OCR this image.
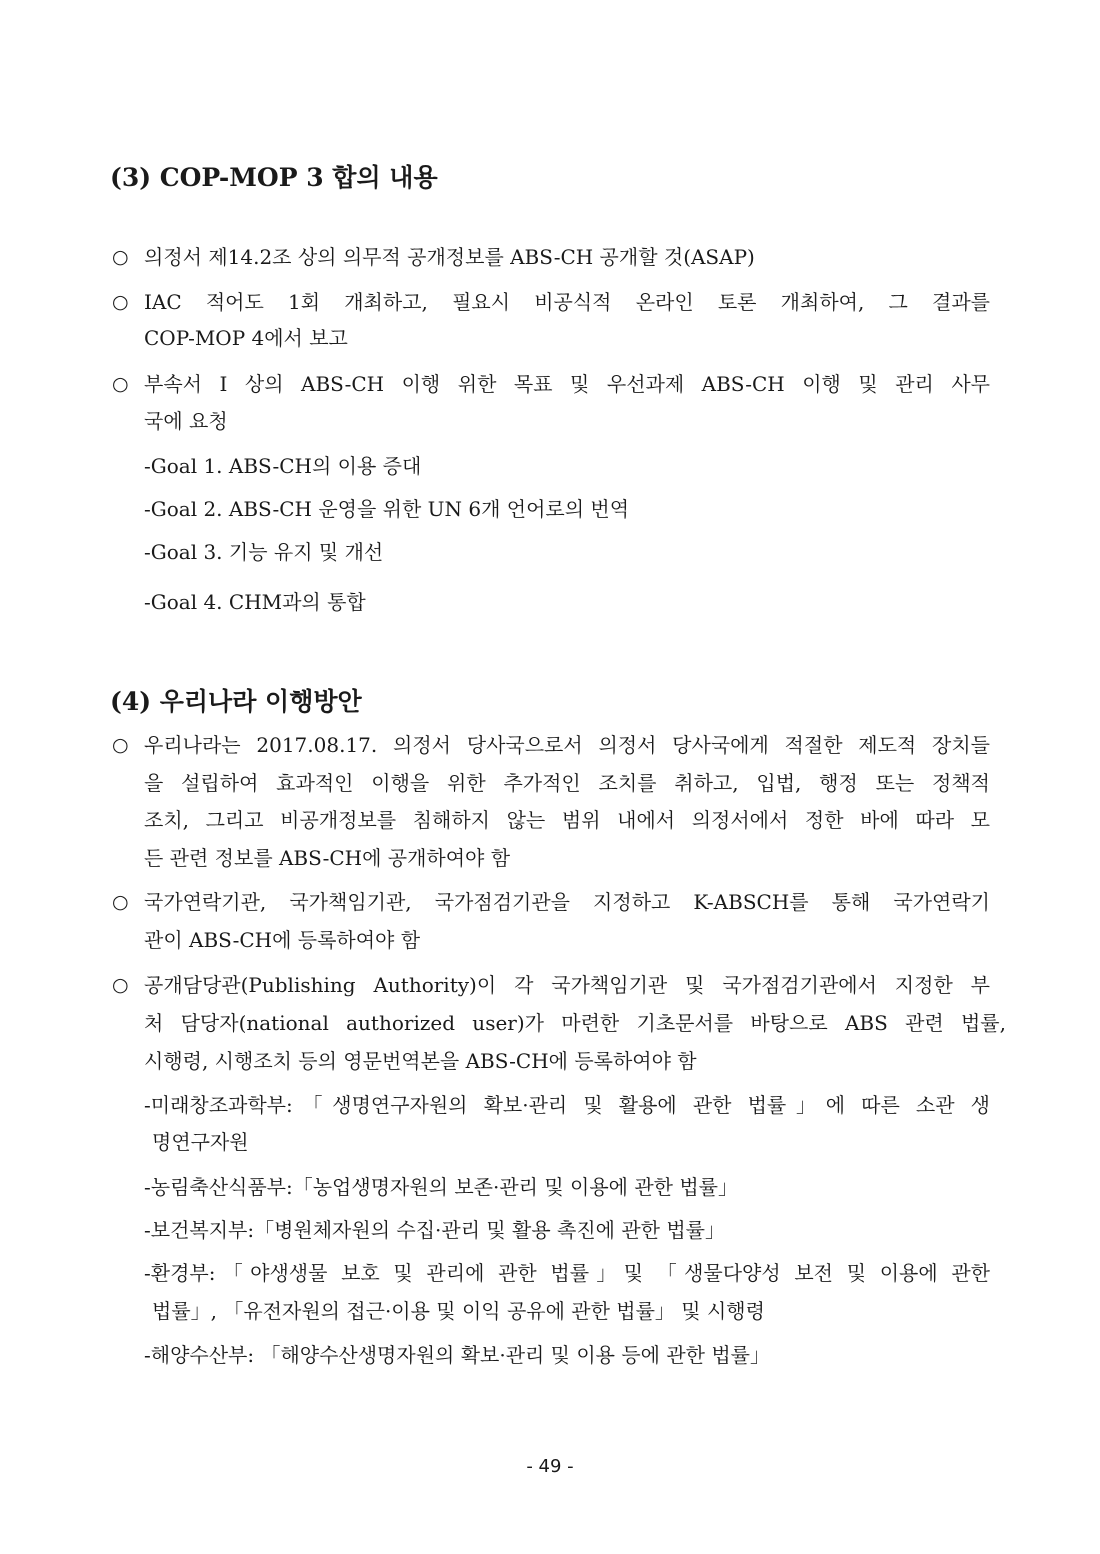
(3) COP-MOP 3 합의 내용
○ 의정서 제14.2조 상의 의무적 공개정보를 ABS-CH 공개할 것(ASAP)
○ IAC 적어도 1회 개최하고, 필요시 비공식적 온라인 토론 개최하여, 그 결과를
COP-MOP 4에서 보고
○ 부속서 I 상의 ABS-CH 이행 위한 목표 및 우선과제 ABS-CH 이행 및 관리 사무
국에 요청
-Goal 1. ABS-CH의 이용 증대
-Goal 2. ABS-CH 운영을 위한 UN 6개 언어로의 번역
-Goal 3. 기능 유지 및 개선
-Goal 4. CHM과의 통합
(4) 우리나라 이행방안
○ 우리나라는 2017.08.17. 의정서 당사국으로서 의정서 당사국에게 적절한 제도적 장치들
을 설립하여 효과적인 이행을 위한 추가적인 조치를 취하고, 입법, 행정 또는 정책적
조치, 그리고 비공개정보를 침해하지 않는 범위 내에서 의정서에서 정한 바에 따라 모
든 관련 정보를 ABS-CH에 공개하여야 함
○ 국가연락기관, 국가책임기관, 국가점검기관을 지정하고 K-ABSCH를 통해 국가연락기
관이 ABS-CH에 등록하여야 함
○ 공개담당관(Publishing Authority)이 각 국가책임기관 및 국가점검기관에서 지정한 부
처 담당자(national authorized user)가 마련한 기초문서를 바탕으로 ABS 관련 법률,
시행령, 시행조치 등의 영문번역본을 ABS-CH에 등록하여야 함
-미래창조과학부:「생명연구자원의 확보·관리 및 활용에 관한 법률」에 따른 소관 생
명연구자원
-농림축산식품부:「농업생명자원의 보존·관리 및 이용에 관한 법률」
-보건복지부:「병원체자원의 수집·관리 및 활용 촉진에 관한 법률」
-환경부:「야생생물 보호 및 관리에 관한 법률」및 「생물다양성 보전 및 이용에 관한
법률」, 「유전자원의 접근·이용 및 이익 공유에 관한 법률」 및 시행령
-해양수산부: 「해양수산생명자원의 확보·관리 및 이용 등에 관한 법률」
- 49 -
